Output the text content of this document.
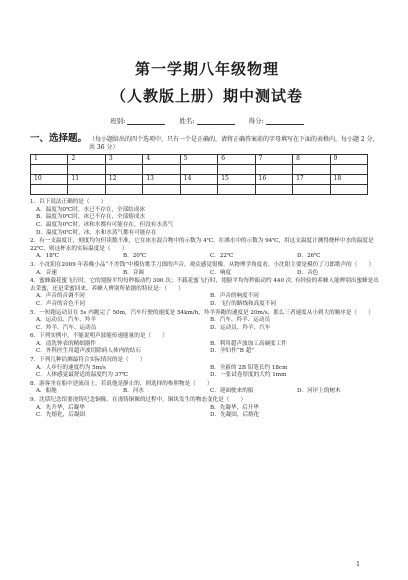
第一学期八年级物理
（人教版上册）期中测试卷
班别:	姓名:	得分:
一、选择题。 （每小题给出的四个选项中，只有一个是正确的，请将正确答案前的字母填写在下面的表格内，每小题 2 分，共 36 分）
1	2	3	4	5	6	7	8	9

10	11	12	13	14	15	16	17	18

1．以下说法正确的是（　　）
A．温度为0℃时，水已不存在，全部结成冰
B．温度为0℃时，冰已不存在，全部熔成水
C．温度为0℃时，冰和水都有可能存在，但没有水蒸气
D．温度为0℃时，冰、水和水蒸气都有可能存在
2．有一支温度计，刻度均匀但读数不准，它在冰水混合物中的示数为 4℃，在沸水中的示数为 94℃，用这支温度计测得烧杯中水的温度是 22℃，则这杯水的实际温度是（　　）
A．18℃	B．20℃	C．22℃	D．26℃
3．小沈阳在2009 年春晚小品“不差钱”中模仿歌手刀郎的声音，观众感觉很像。从物理学角度看，小沈阳主要是模仿了刀郎歌声的（　　）
A．音速	B．音调	C．响度	D．音色
4．蜜蜂载花蜜飞行时，它的翅膀平均每秒振动约 300 次；不载花蜜飞行时，翅膀平均每秒振动约 440 次. 有经验的养蜂人能辨别出蜜蜂是出去采蜜，还是采蜜回来，养蜂人辨别所依据的特征是：（　　）
A．声音的音调不同	B．声音的响度不同
C．声音的音色不同	D．飞行的路线和高度不同
5．一短跑运动员在 5s 内跑完了 50m，汽车行驶的速度是 54km/h，羚羊奔跑的速度是 20m/s，那么三者速度从小到大的顺序是（　　）
A．运动员、汽车、羚羊	B．汽车、羚羊、运动员
C．羚羊、汽车、运动员	D．运动员、羚羊、汽车
6．下列实例中，不能说明声波能传递能量的是（　　）
A．清洗钟表的精细器件	B．利用超声波加工高硬度工件
C．外科医生用超声波切除病人体内的结石	D．孕妇作“B 超”
7．下列几种估测最符合实际情况的是（　　）
A．人步行的速度约为 5m/s	B．全新的 2B 铅笔长约 18cm
C．人体感觉最舒适的温度约为 37℃	D．一张试卷厚度的大约 1mm
8．游客坐在船中逆流而上，若说他是静止的，则选择的参照物是（　　）
A．船舱	B．河水	C．迎面驶来的船	D．河岸上的树木
9．沈括纪念馆要浇铸纪念铜像，在浇铸铜像的过程中，铜块发生的物态变化是（　　）
A．先升华，后凝华	B．先凝华，后升华
C．先熔化，后凝固	D．先凝固，后熔化
1
